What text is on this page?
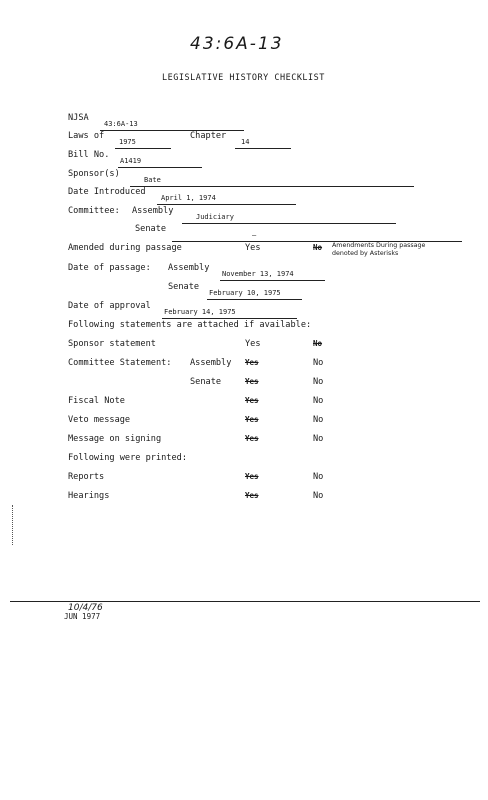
43:6A-13
LEGISLATIVE HISTORY CHECKLIST
NJSA
43:6A-13
Laws of
1975
Chapter
14
Bill No.
A1419
Sponsor(s)
Bate
Date Introduced
April 1, 1974
Committee: Assembly
Judiciary
Senate
—
Amended during passage	Yes	No Amendments During passage denoted by Asterisks
Date of passage: Assembly
November 13, 1974
Senate
February 10, 1975
Date of approval
February 14, 1975
Following statements are attached if available:
Sponsor statement	Yes	No
Committee Statement: Assembly Yes	No
Senate	Yes	No
Fiscal Note	Yes	No
Veto message	Yes	No
Message on signing	Yes	No
Following were printed:
Reports	Yes	No
Hearings	Yes	No
10/4/76
JUN 1977
